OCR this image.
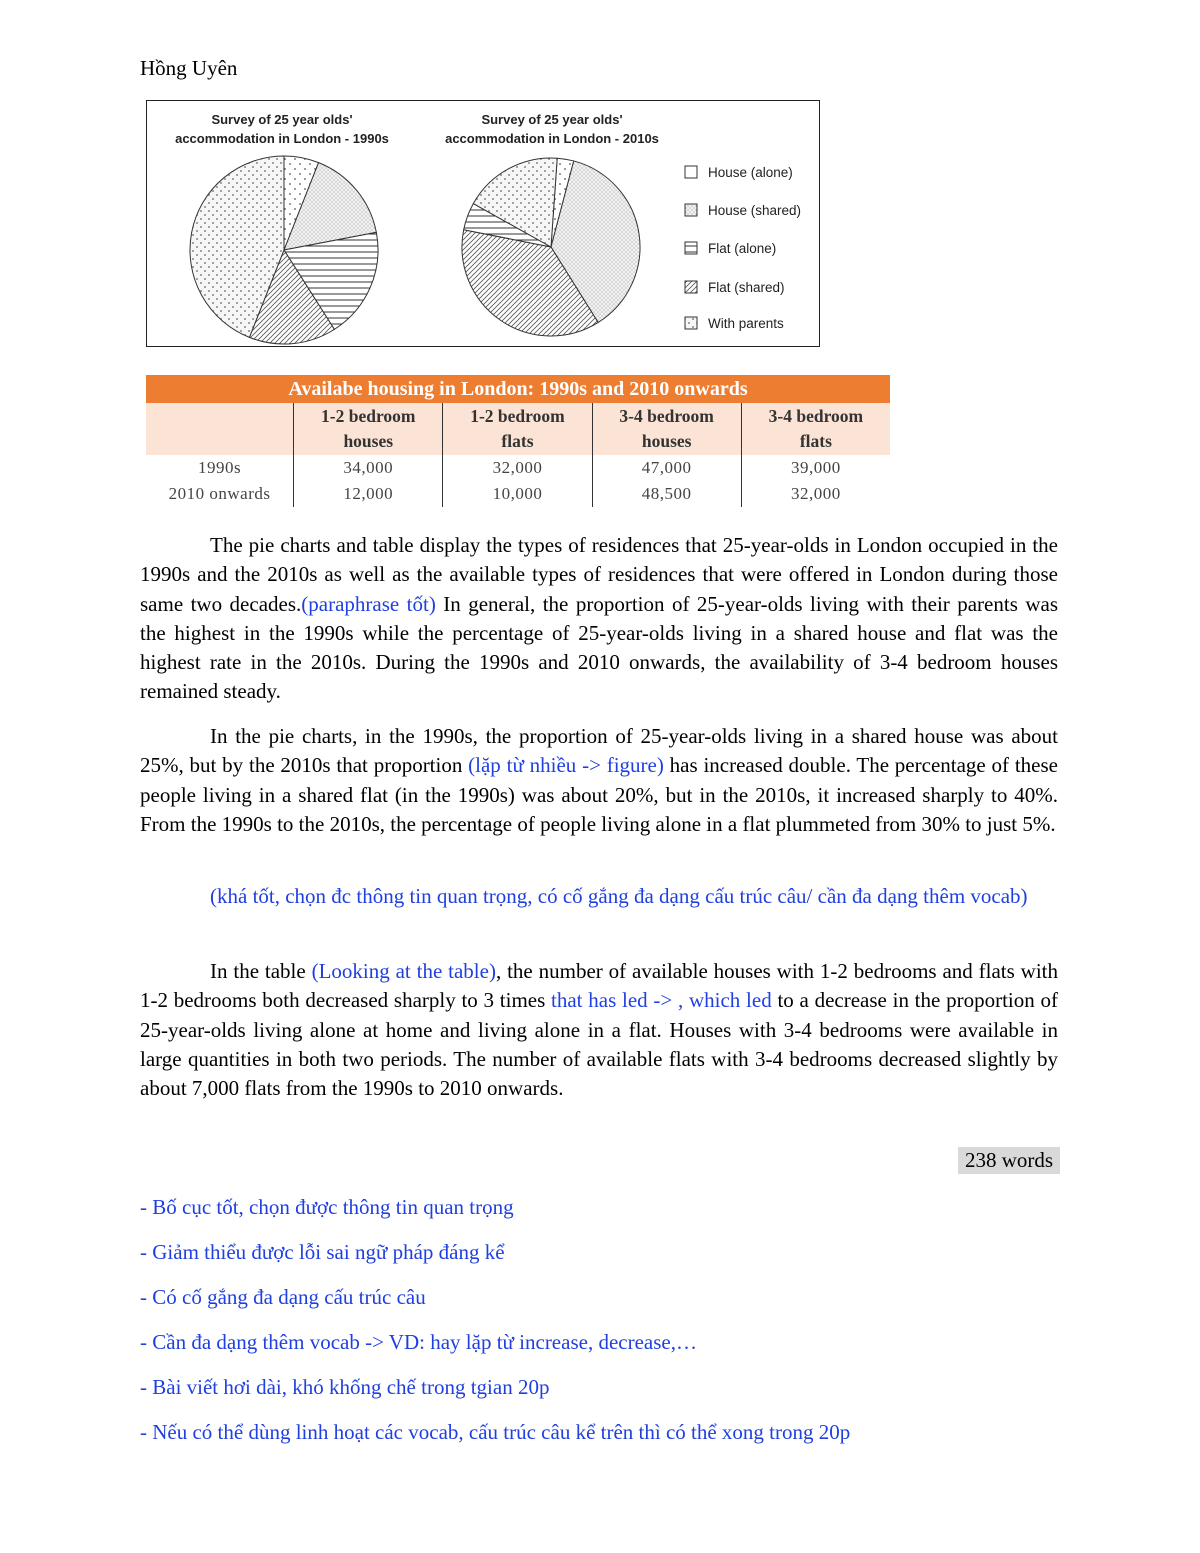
Hồng Uyên
Survey of 25 year olds'
accommodation in London - 1990s
Survey of 25 year olds'
accommodation in London - 2010s
House (alone)
House (shared)
Flat (alone)
Flat (shared)
With parents
Availabe housing in London: 1990s and 2010 onwards				
	1-2 bedroom
houses	1-2 bedroom
flats	3-4 bedroom
houses	3-4 bedroom
flats
1990s	34,000	32,000	47,000	39,000
2010 onwards	12,000	10,000	48,500	32,000
The pie charts and table display the types of residences that 25-year-olds in London occupied in the 1990s and the 2010s as well as the available types of residences that were offered in London during those same two decades.(paraphrase tốt) In general, the proportion of 25-year-olds living with their parents was the highest in the 1990s while the percentage of 25-year-olds living in a shared house and flat was the highest rate in the 2010s. During the 1990s and 2010 onwards, the availability of 3-4 bedroom houses remained steady.
In the pie charts, in the 1990s, the proportion of 25-year-olds living in a shared house was about 25%, but by the 2010s that proportion (lặp từ nhiều -> figure) has increased double. The percentage of these people living in a shared flat (in the 1990s) was about 20%, but in the 2010s, it increased sharply to 40%. From the 1990s to the 2010s, the percentage of people living alone in a flat plummeted from 30% to just 5%.
(khá tốt, chọn đc thông tin quan trọng, có cố gắng đa dạng cấu trúc câu/ cần đa dạng thêm vocab)
In the table (Looking at the table), the number of available houses with 1-2 bedrooms and flats with 1-2 bedrooms both decreased sharply to 3 times that has led -> , which led to a decrease in the proportion of 25-year-olds living alone at home and living alone in a flat. Houses with 3-4 bedrooms were available in large quantities in both two periods. The number of available flats with 3-4 bedrooms decreased slightly by about 7,000 flats from the 1990s to 2010 onwards.
238 words
- Bố cục tốt, chọn được thông tin quan trọng
- Giảm thiểu được lỗi sai ngữ pháp đáng kể
- Có cố gắng đa dạng cấu trúc câu
- Cần đa dạng thêm vocab -> VD: hay lặp từ increase, decrease,…
- Bài viết hơi dài, khó khống chế trong tgian 20p
- Nếu có thể dùng linh hoạt các vocab, cấu trúc câu kể trên thì có thể xong trong 20p
